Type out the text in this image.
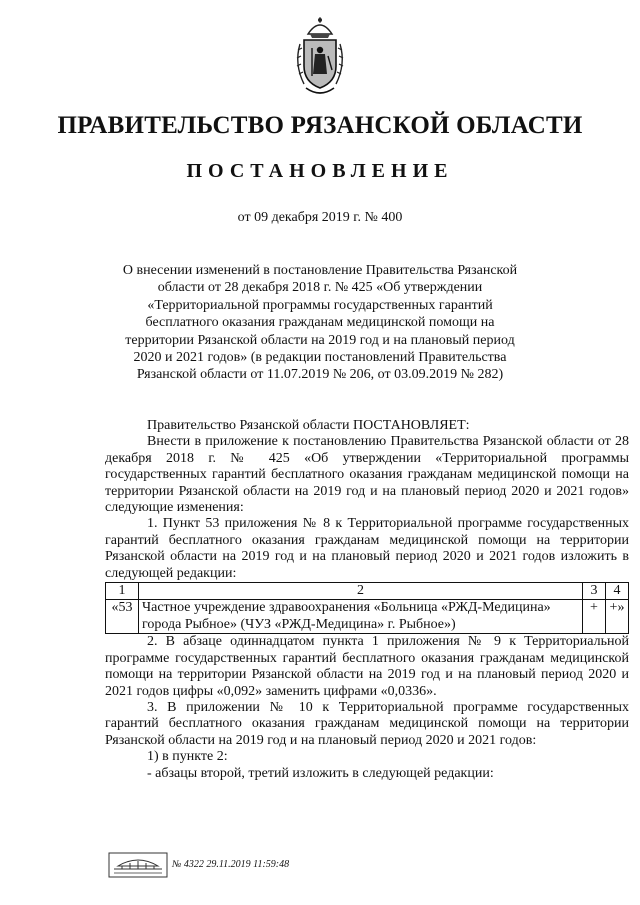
ПРАВИТЕЛЬСТВО РЯЗАНСКОЙ ОБЛАСТИ
ПОСТАНОВЛЕНИЕ
от 09 декабря 2019 г. № 400
О внесении изменений в постановление Правительства Рязанской области от 28 декабря 2018 г. № 425 «Об утверждении «Территориальной программы государственных гарантий бесплатного оказания гражданам медицинской помощи на территории Рязанской области на 2019 год и на плановый период 2020 и 2021 годов» (в редакции постановлений Правительства Рязанской области от 11.07.2019 № 206, от 03.09.2019 № 282)

Правительство Рязанской области ПОСТАНОВЛЯЕТ:

Внести в приложение к постановлению Правительства Рязанской области от 28 декабря 2018 г. № 425 «Об утверждении «Территориальной программы государственных гарантий бесплатного оказания гражданам медицинской помощи на территории Рязанской области на 2019 год и на плановый период 2020 и 2021 годов» следующие изменения:

1. Пункт 53 приложения № 8 к Территориальной программе государственных гарантий бесплатного оказания гражданам медицинской помощи на территории Рязанской области на 2019 год и на плановый период 2020 и 2021 годов изложить в следующей редакции:

1	2	3	4
«53	Частное учреждение здравоохранения «Больница «РЖД-Медицина» города Рыбное» (ЧУЗ «РЖД-Медицина» г. Рыбное»)	+	+»

2. В абзаце одиннадцатом пункта 1 приложения № 9 к Территориальной программе государственных гарантий бесплатного оказания гражданам медицинской помощи на территории Рязанской области на 2019 год и на плановый период 2020 и 2021 годов цифры «0,092» заменить цифрами «0,0336».

3. В приложении № 10 к Территориальной программе государственных гарантий бесплатного оказания гражданам медицинской помощи на территории Рязанской области на 2019 год и на плановый период 2020 и 2021 годов:

1) в пункте 2:

- абзацы второй, третий изложить в следующей редакции:

№ 4322 29.11.2019 11:59:48
